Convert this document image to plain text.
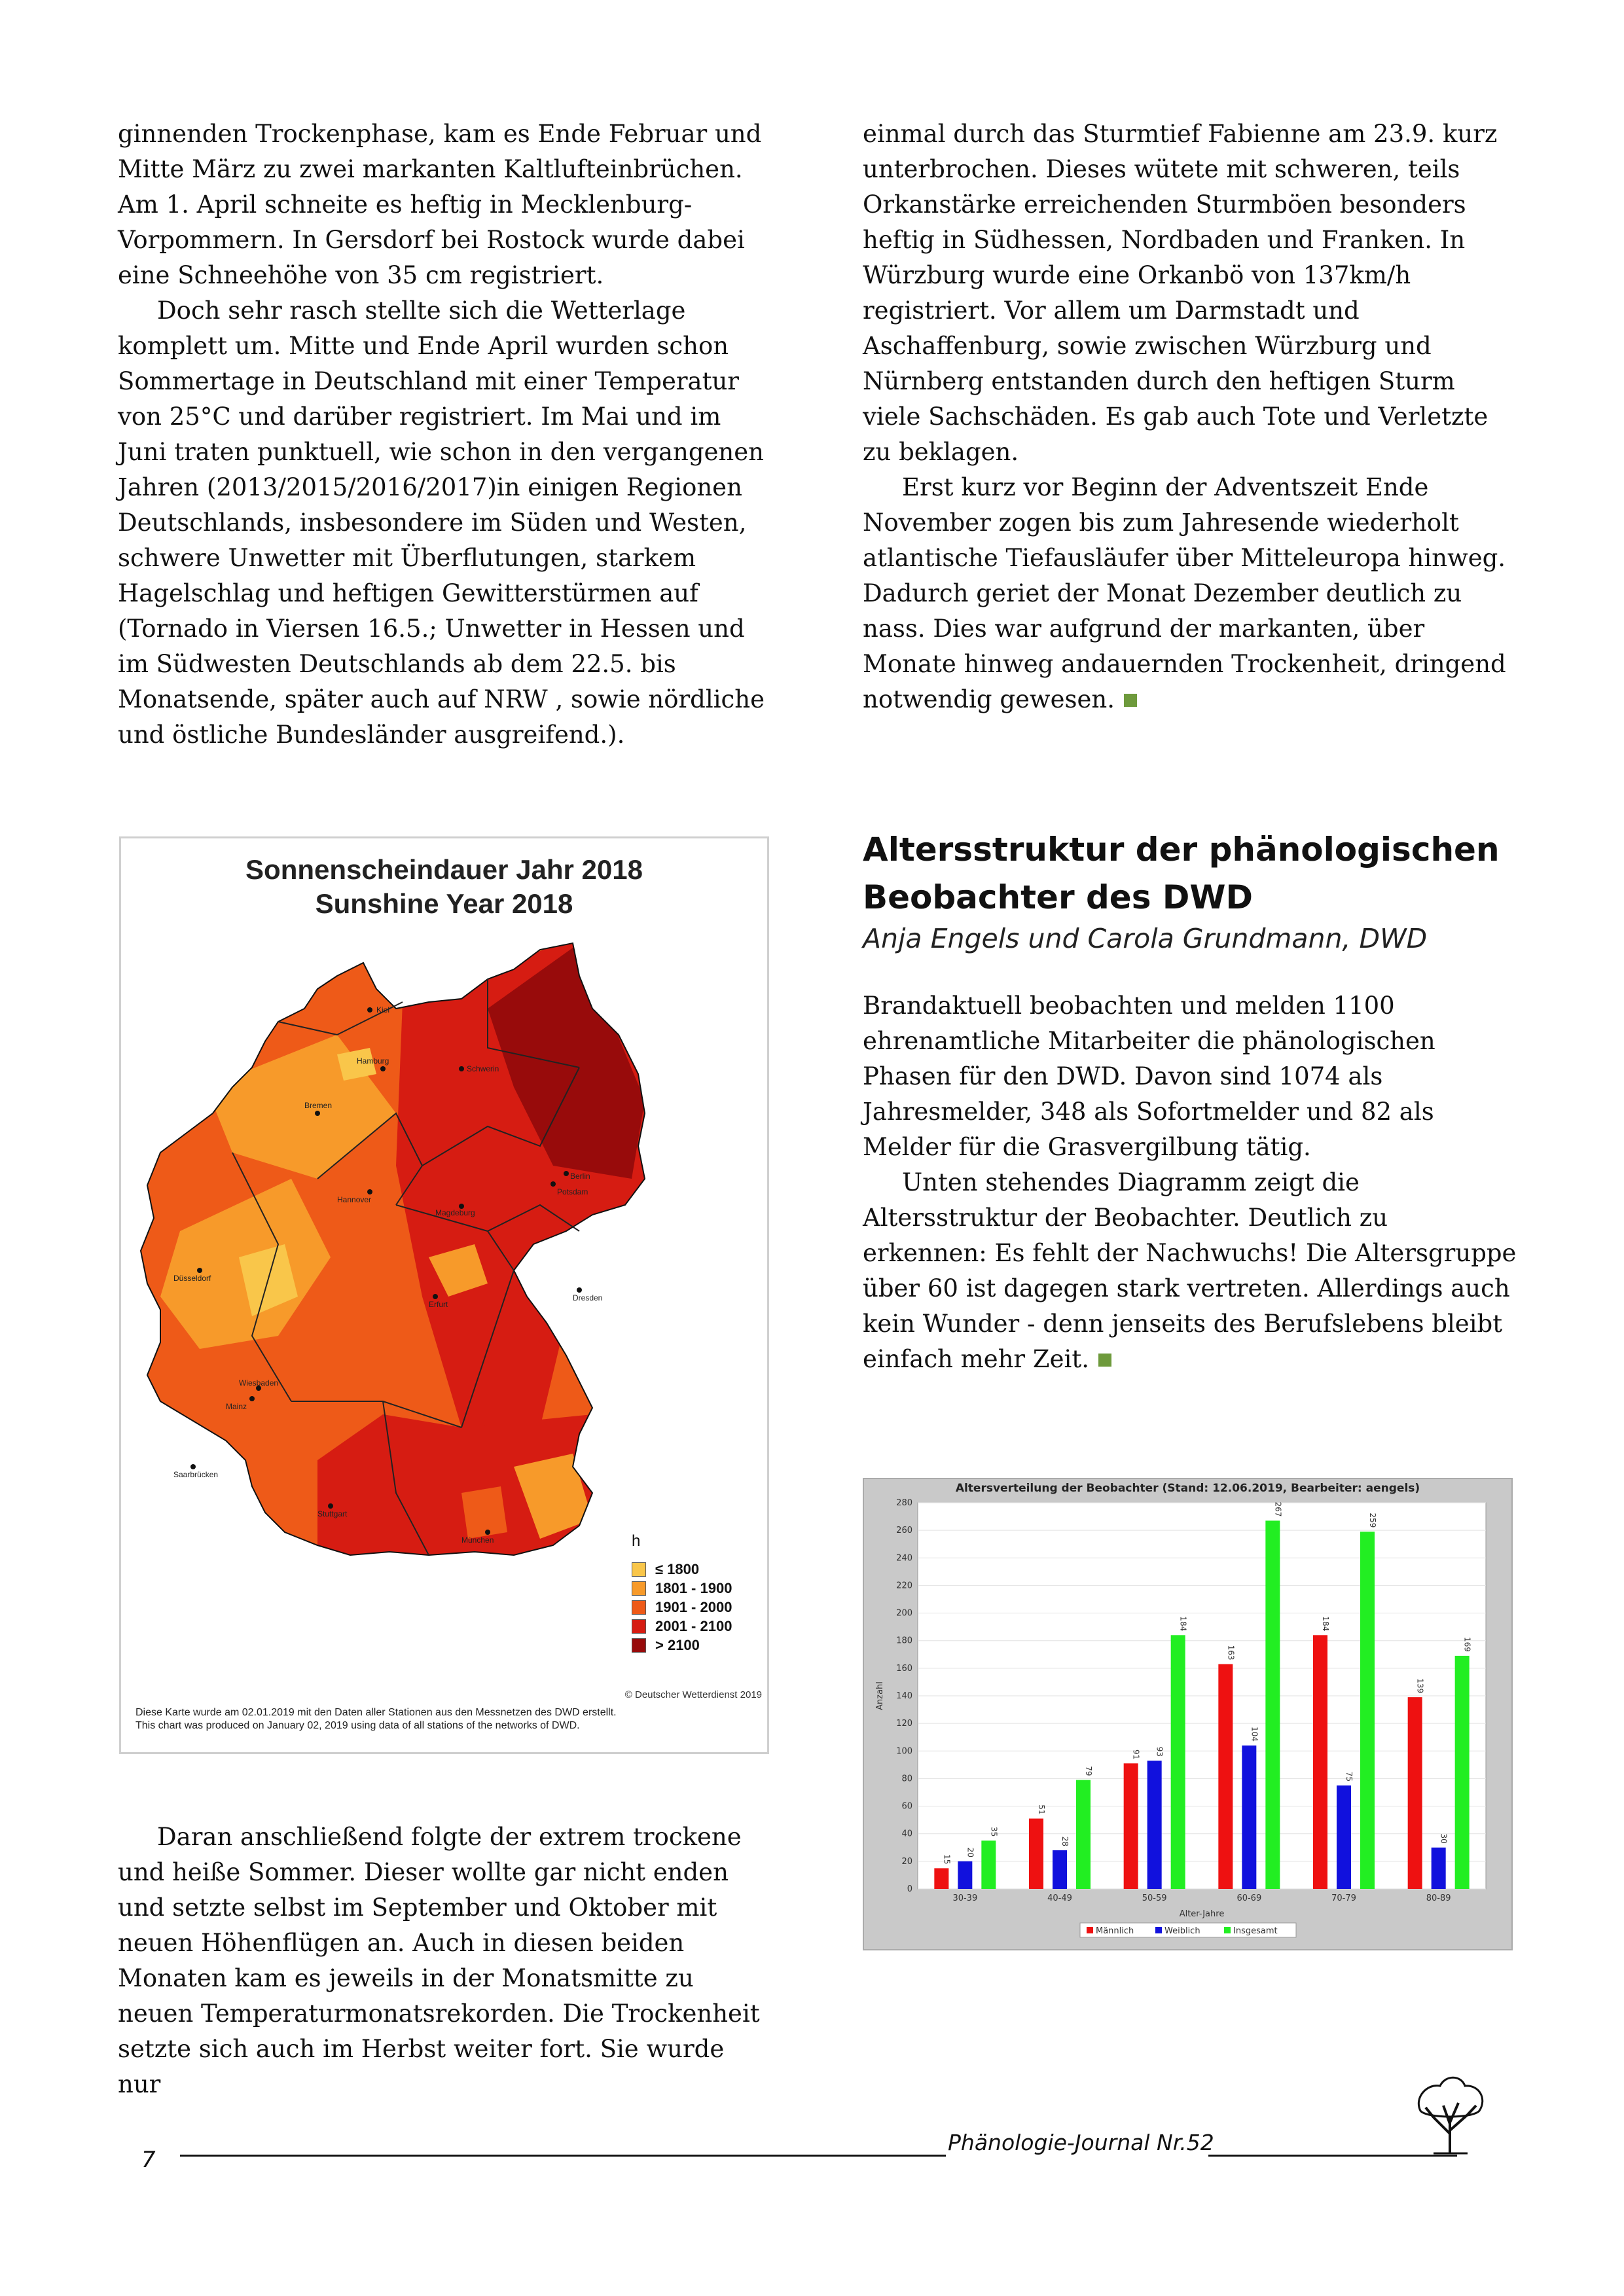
ginnenden Trockenphase, kam es Ende Februar und Mitte März zu zwei markanten Kaltlufteinbrüchen. Am 1. April schneite es heftig in Mecklenburg-Vorpommern. In Gersdorf bei Rostock wurde dabei eine Schneehöhe von 35 cm registriert.

Doch sehr rasch stellte sich die Wetterlage komplett um. Mitte und Ende April wurden schon Sommertage in Deutschland mit einer Temperatur von 25°C und darüber registriert. Im Mai und im Juni traten punktuell, wie schon in den vergangenen Jahren (2013/2015/2016/2017)in einigen Regionen Deutschlands, insbesondere im Süden und Westen, schwere Unwetter mit Überflutungen, starkem Hagelschlag und heftigen Gewitterstürmen auf (Tornado in Viersen 16.5.; Unwetter in Hessen und im Südwesten Deutschlands ab dem 22.5. bis Monatsende, später auch auf NRW , sowie nördliche und östliche Bundesländer ausgreifend.).

einmal durch das Sturmtief Fabienne am 23.9. kurz unterbrochen. Dieses wütete mit schweren, teils Orkanstärke erreichenden Sturmböen besonders heftig in Südhessen, Nordbaden und Franken. In Würzburg wurde eine Orkanbö von 137km/h registriert. Vor allem um Darmstadt und Aschaffenburg, sowie zwischen Würzburg und Nürnberg entstanden durch den heftigen Sturm viele Sachschäden. Es gab auch Tote und Verletzte zu beklagen.

Erst kurz vor Beginn der Adventszeit Ende November zogen bis zum Jahresende wiederholt atlantische Tiefausläufer über Mitteleuropa hinweg. Dadurch geriet der Monat Dezember deutlich zu nass. Dies war aufgrund der markanten, über Monate hinweg andauernden Trockenheit, dringend notwendig gewesen.

Sonnenscheindauer Jahr 2018
Sunshine Year 2018
Kiel
Hamburg
Schwerin
Bremen
Berlin
Potsdam
Hannover
Magdeburg
Düsseldorf
Erfurt
Dresden
Wiesbaden
Mainz
Saarbrücken
Stuttgart
München	h
≤ 1800
1801 - 1900
1901 - 2000
2001 - 2100
> 2100
© Deutscher Wetterdienst 2019
Diese Karte wurde am 02.01.2019 mit den Daten aller Stationen aus den Messnetzen des DWD erstellt.
This chart was produced on January 02, 2019 using data of all stations of the networks of DWD.
Altersstruktur der phänologischen Beobachter des DWD
Anja Engels und Carola Grundmann, DWD

Brandaktuell beobachten und melden 1100 ehrenamtliche Mitarbeiter die phänologischen Phasen für den DWD. Davon sind 1074 als Jahresmelder, 348 als Sofortmelder und 82 als Melder für die Grasvergilbung tätig.

Unten stehendes Diagramm zeigt die Altersstruktur der Beobachter. Deutlich zu erkennen: Es fehlt der Nachwuchs! Die Altersgruppe über 60 ist dagegen stark vertreten. Allerdings auch kein Wunder - denn jenseits des Berufslebens bleibt einfach mehr Zeit.

Altersverteilung der Beobachter (Stand: 12.06.2019, Bearbeiter: aengels)
0
20
40
60
80
100
120
140
160
180
200
220
240
260
280
15
20
35
30-39
51
28
79
40-49
91 93
184
50-59
163
104
267
60-69
184
75
259
70-79
139
30
169
80-89
Alter-Jahre
Anzahl
Männlich	Weiblich	Insgesamt

Daran anschließend folgte der extrem trockene und heiße Sommer. Dieser wollte gar nicht enden und setzte selbst im September und Oktober mit neuen Höhenflügen an. Auch in diesen beiden Monaten kam es jeweils in der Monatsmitte zu neuen Temperaturmonatsrekorden. Die Trockenheit setzte sich auch im Herbst weiter fort. Sie wurde nur

7
Phänologie-Journal Nr.52
